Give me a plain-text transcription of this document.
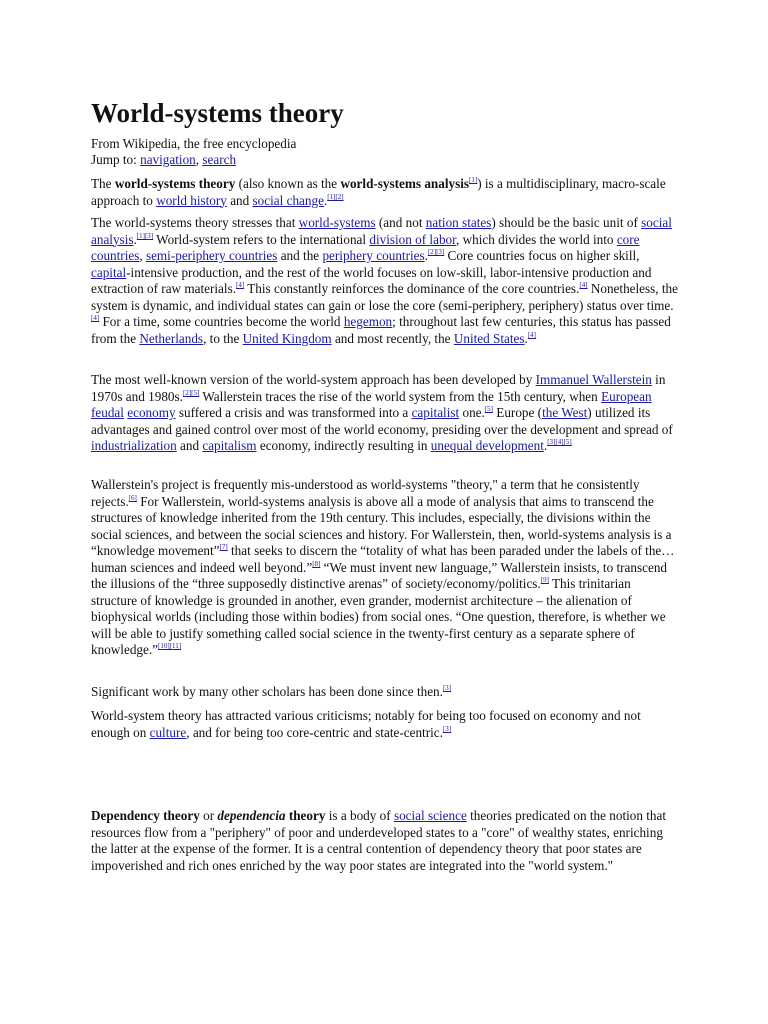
World-systems theory
From Wikipedia, the free encyclopedia
Jump to: navigation, search

The world-systems theory (also known as the world-systems analysis[1]) is a multidisciplinary, macro-scale approach to world history and social change.[1][2]

The world-systems theory stresses that world-systems (and not nation states) should be the basic unit of social analysis.[1][3] World-system refers to the international division of labor, which divides the world into core countries, semi-periphery countries and the periphery countries.[2][3] Core countries focus on higher skill, capital-intensive production, and the rest of the world focuses on low-skill, labor-intensive production and extraction of raw materials.[4] This constantly reinforces the dominance of the core countries.[4] Nonetheless, the system is dynamic, and individual states can gain or lose the core (semi-periphery, periphery) status over time.[4] For a time, some countries become the world hegemon; throughout last few centuries, this status has passed from the Netherlands, to the United Kingdom and most recently, the United States.[4]

The most well-known version of the world-system approach has been developed by Immanuel Wallerstein in 1970s and 1980s.[2][5] Wallerstein traces the rise of the world system from the 15th century, when European feudal economy suffered a crisis and was transformed into a capitalist one.[5] Europe (the West) utilized its advantages and gained control over most of the world economy, presiding over the development and spread of industrialization and capitalism economy, indirectly resulting in unequal development.[3][4][5]

Wallerstein's project is frequently mis-understood as world-systems "theory," a term that he consistently rejects.[6] For Wallerstein, world-systems analysis is above all a mode of analysis that aims to transcend the structures of knowledge inherited from the 19th century. This includes, especially, the divisions within the social sciences, and between the social sciences and history. For Wallerstein, then, world-systems analysis is a “knowledge movement”[7] that seeks to discern the “totality of what has been paraded under the labels of the… human sciences and indeed well beyond.”[8] “We must invent new language,” Wallerstein insists, to transcend the illusions of the “three supposedly distinctive arenas” of society/economy/politics.[9] This trinitarian structure of knowledge is grounded in another, even grander, modernist architecture – the alienation of biophysical worlds (including those within bodies) from social ones. “One question, therefore, is whether we will be able to justify something called social science in the twenty-first century as a separate sphere of knowledge.”[10][11]

Significant work by many other scholars has been done since then.[3]

World-system theory has attracted various criticisms; notably for being too focused on economy and not enough on culture, and for being too core-centric and state-centric.[3]

Dependency theory or dependencia theory is a body of social science theories predicated on the notion that resources flow from a "periphery" of poor and underdeveloped states to a "core" of wealthy states, enriching the latter at the expense of the former. It is a central contention of dependency theory that poor states are impoverished and rich ones enriched by the way poor states are integrated into the "world system."
